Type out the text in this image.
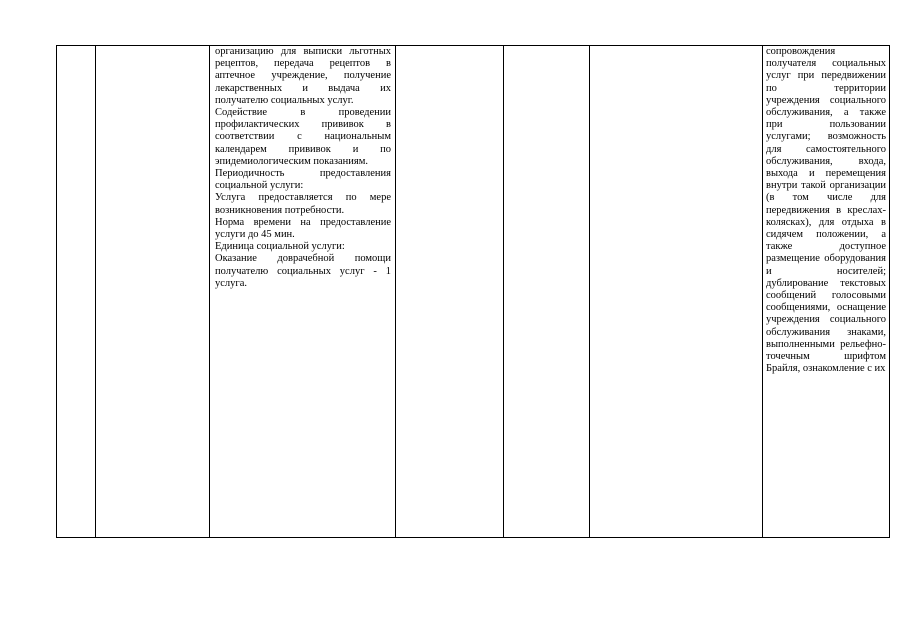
организацию для выписки льготных рецептов, передача рецептов в аптечное учреждение, получение лекарственных и выдача их получателю социальных услуг.

Содействие в проведении профилактических прививок в соответствии с национальным календарем прививок и по эпидемиологическим показаниям.

Периодичность предоставления социальной услуги:

Услуга предоставляется по мере возникновения потребности.

Норма времени на предоставление услуги до 45 мин.

Единица социальной услуги:

Оказание доврачебной помощи получателю социальных услуг - 1 услуга.

сопровождения получателя социальных услуг при передвижении по территории учреждения социального обслуживания, а также при пользовании услугами; возможность для самостоятельного обслуживания, входа, выхода и перемещения внутри такой организации (в том числе для передвижения в креслах-колясках), для отдыха в сидячем положении, а также доступное размещение оборудования и носителей; дублирование текстовых сообщений голосовыми сообщениями, оснащение учреждения социального обслуживания знаками, выполненными рельефно-точечным шрифтом Брайля, ознакомление с их
